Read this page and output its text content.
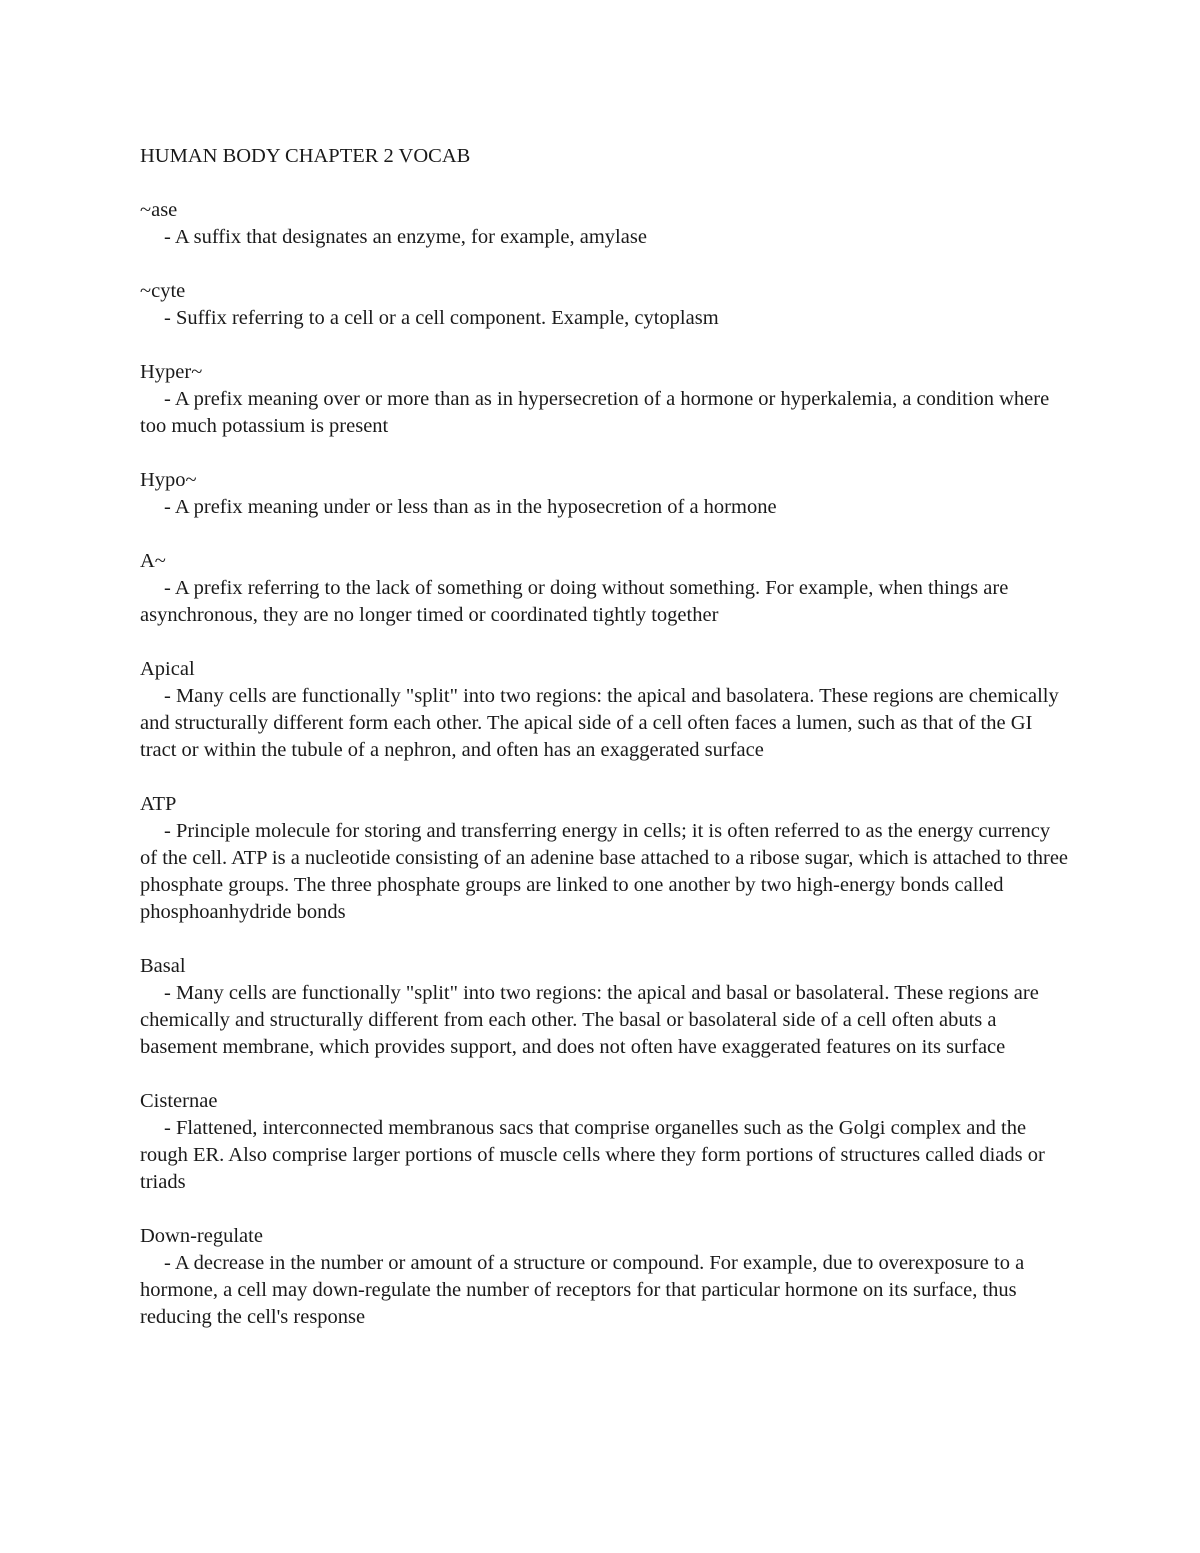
HUMAN BODY CHAPTER 2 VOCAB
~ase
- A suffix that designates an enzyme, for example, amylase
~cyte
- Suffix referring to a cell or a cell component. Example, cytoplasm
Hyper~
- A prefix meaning over or more than as in hypersecretion of a hormone or hyperkalemia, a condition where too much potassium is present
Hypo~
- A prefix meaning under or less than as in the hyposecretion of a hormone
A~
- A prefix referring to the lack of something or doing without something. For example, when things are asynchronous, they are no longer timed or coordinated tightly together
Apical
- Many cells are functionally "split" into two regions: the apical and basolatera. These regions are chemically and structurally different form each other. The apical side of a cell often faces a lumen, such as that of the GI tract or within the tubule of a nephron, and often has an exaggerated surface
ATP
- Principle molecule for storing and transferring energy in cells; it is often referred to as the energy currency of the cell. ATP is a nucleotide consisting of an adenine base attached to a ribose sugar, which is attached to three phosphate groups. The three phosphate groups are linked to one another by two high-energy bonds called phosphoanhydride bonds
Basal
- Many cells are functionally "split" into two regions: the apical and basal or basolateral. These regions are chemically and structurally different from each other. The basal or basolateral side of a cell often abuts a basement membrane, which provides support, and does not often have exaggerated features on its surface
Cisternae
- Flattened, interconnected membranous sacs that comprise organelles such as the Golgi complex and the rough ER. Also comprise larger portions of muscle cells where they form portions of structures called diads or triads
Down-regulate
- A decrease in the number or amount of a structure or compound. For example, due to overexposure to a hormone, a cell may down-regulate the number of receptors for that particular hormone on its surface, thus reducing the cell's response
